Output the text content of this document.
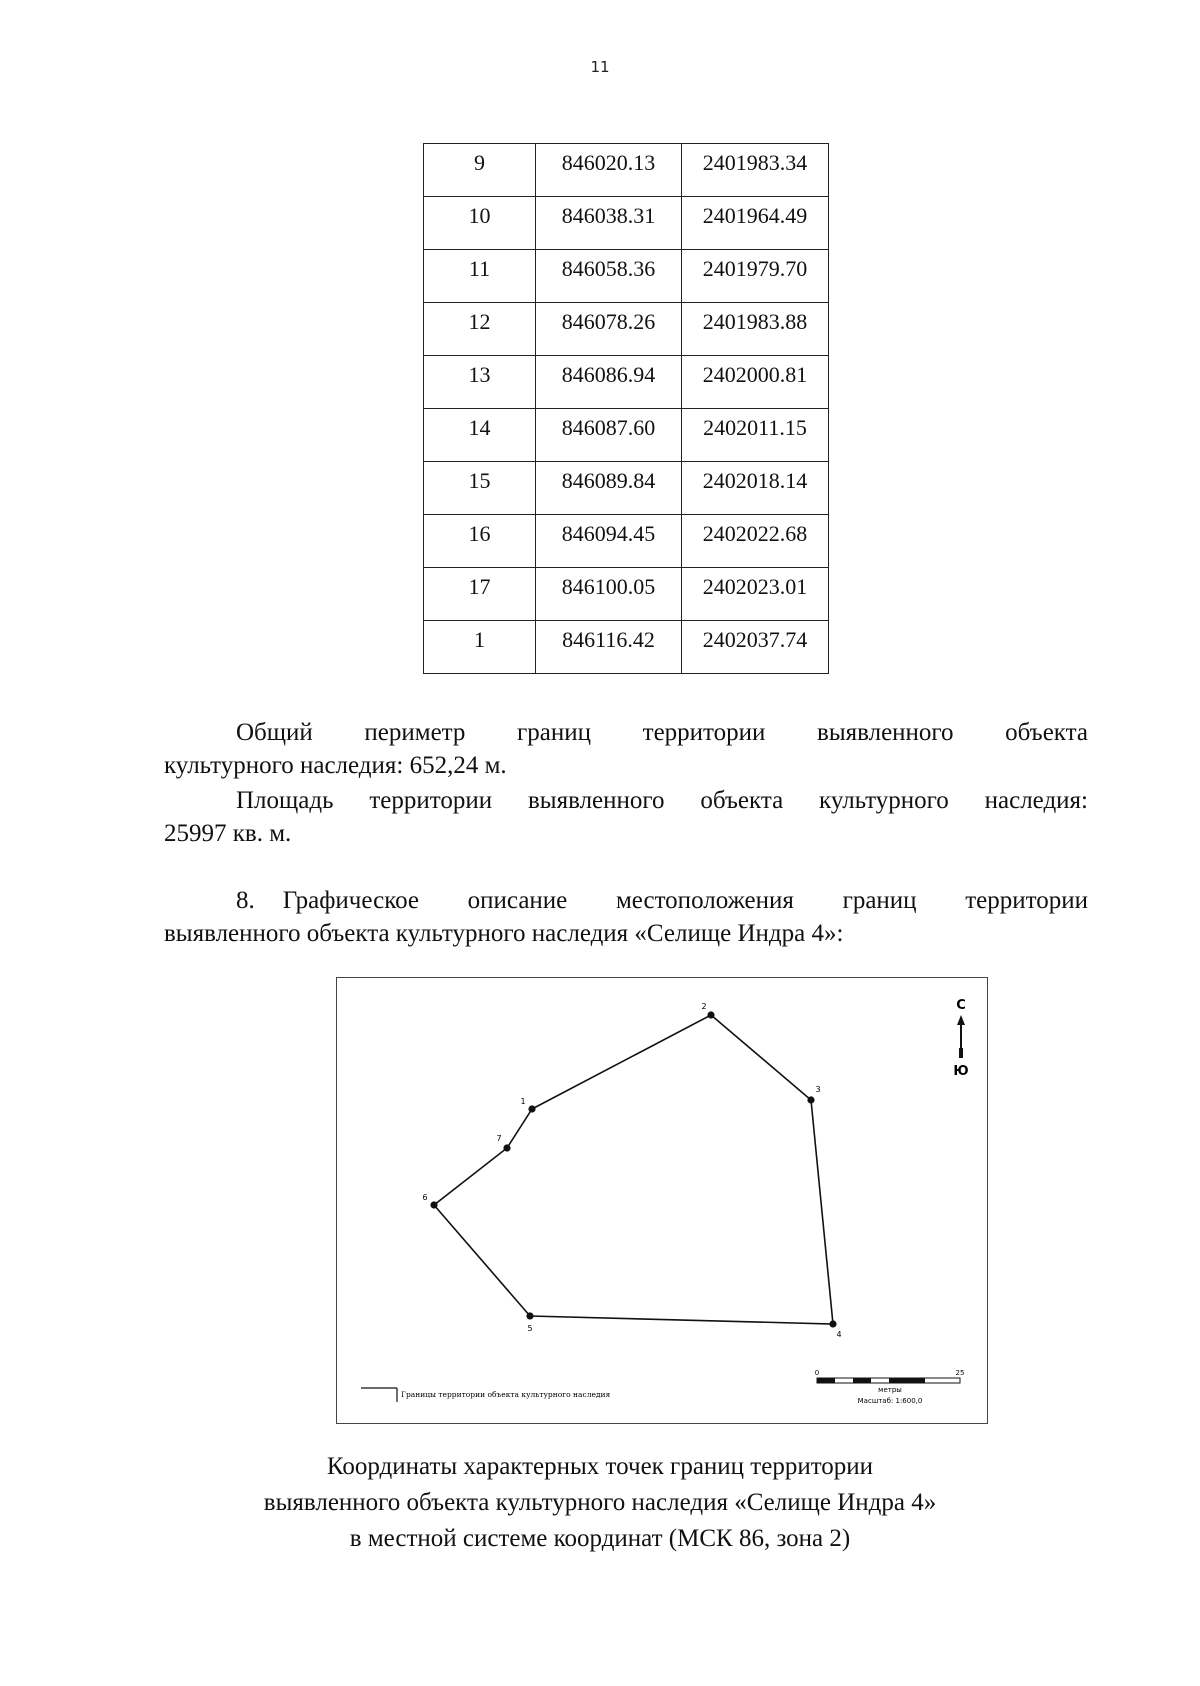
11
9	846020.13	2401983.34
10	846038.31	2401964.49
11	846058.36	2401979.70
12	846078.26	2401983.88
13	846086.94	2402000.81
14	846087.60	2402011.15
15	846089.84	2402018.14
16	846094.45	2402022.68
17	846100.05	2402023.01
1	846116.42	2402037.74
Общий периметр границ территории выявленного объекта
культурного наследия: 652,24 м.
Площадь территории выявленного объекта культурного наследия:
25997 кв. м.
8. Графическое описание местоположения границ территории
выявленного объекта культурного наследия «Селище Индра 4»:
1
2
3
4
5
6
7
С
Ю
Границы территории объекта культурного наследия
0	25
метры
Масштаб: 1:600,0
Координаты характерных точек границ территории
выявленного объекта культурного наследия «Селище Индра 4»
в местной системе координат (МСК 86, зона 2)
